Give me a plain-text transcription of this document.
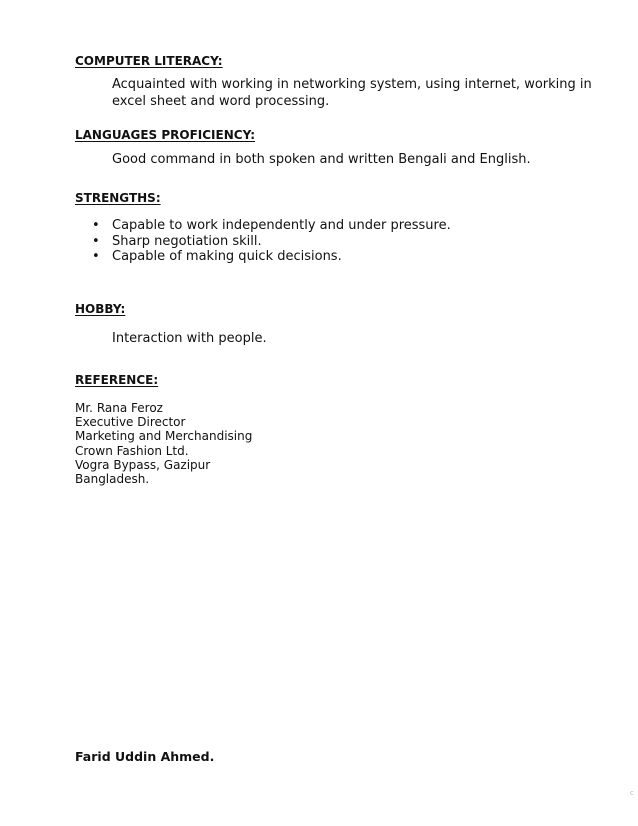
COMPUTER LITERACY:

Acquainted with working in networking system, using internet, working in

excel sheet and word processing.

LANGUAGES PROFICIENCY:

Good command in both spoken and written Bengali and English.

STRENGTHS:
• Capable to work independently and under pressure.
• Sharp negotiation skill.
• Capable of making quick decisions.
HOBBY:

Interaction with people.

REFERENCE:
Mr. Rana Feroz
Executive Director
Marketing and Merchandising
Crown Fashion Ltd.
Vogra Bypass, Gazipur
Bangladesh.

Farid Uddin Ahmed.

c
